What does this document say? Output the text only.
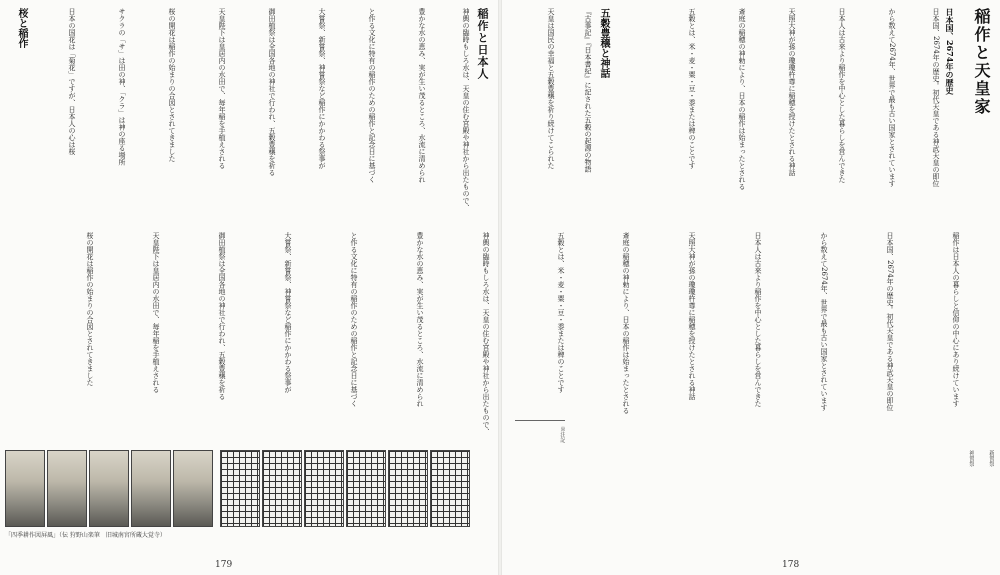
稲作と日本人
桜と稲作	神輿の臨時もしろ水は、天皇の住む宮殿や神社から出たもので、
豊かな水の恵み、実が生い茂るところ、水流に清められ
と作る文化に特有の稲作のための稲作と記念日に基づく
大嘗祭、新嘗祭、神嘗祭など稲作にかかわる祭事が
御田植祭は全国各地の神社で行われ、五穀豊穣を祈る
天皇陛下は皇居内の水田で、毎年稲を手植えされる
桜の開花は稲作の始まりの合図とされてきました
サクラの「サ」は田の神、「クラ」は神の座る場所
日本の国花は「菊花」ですが、日本人の心は桜
神輿の臨時もしろ水は、天皇の住む宮殿や神社から出たもので、
豊かな水の恵み、実が生い茂るところ、水流に清められ
と作る文化に特有の稲作のための稲作と記念日に基づく
大嘗祭、新嘗祭、神嘗祭など稲作にかかわる祭事が
御田植祭は全国各地の神社で行われ、五穀豊穣を祈る
天皇陛下は皇居内の水田で、毎年稲を手植えされる
桜の開花は稲作の始まりの合図とされてきました
「四季耕作図屏風」（伝 狩野山楽筆　旧城南宮所蔵大覚寺）
179
稲作と天皇家
日本国、2674年の歴史
五穀豊穣と神話	日本国、2674年の歴史。初代天皇である神武天皇の即位
から数えて2674年、世界で最も古い国家とされています
日本人は古来より稲作を中心とした暮らしを営んできた
天照大神が孫の瓊瓊杵尊に稲穂を授けたとされる神話
斎庭の稲穂の神勅により、日本の稲作は始まったとされる
五穀とは、米・麦・粟・豆・黍または稗のことです
『古事記』『日本書紀』に記された五穀の起源の物語
天皇は国民の幸福と五穀豊穣を祈り続けてこられた
稲作は日本人の暮らしと信仰の中心にあり続けています
日本国、2674年の歴史。初代天皇である神武天皇の即位
から数えて2674年、世界で最も古い国家とされています
日本人は古来より稲作を中心とした暮らしを営んできた
天照大神が孫の瓊瓊杵尊に稲穂を授けたとされる神話
斎庭の稲穂の神勅により、日本の稲作は始まったとされる
五穀とは、米・麦・粟・豆・黍または稗のことです
※注記
新嘗祭
神嘗祭
178
